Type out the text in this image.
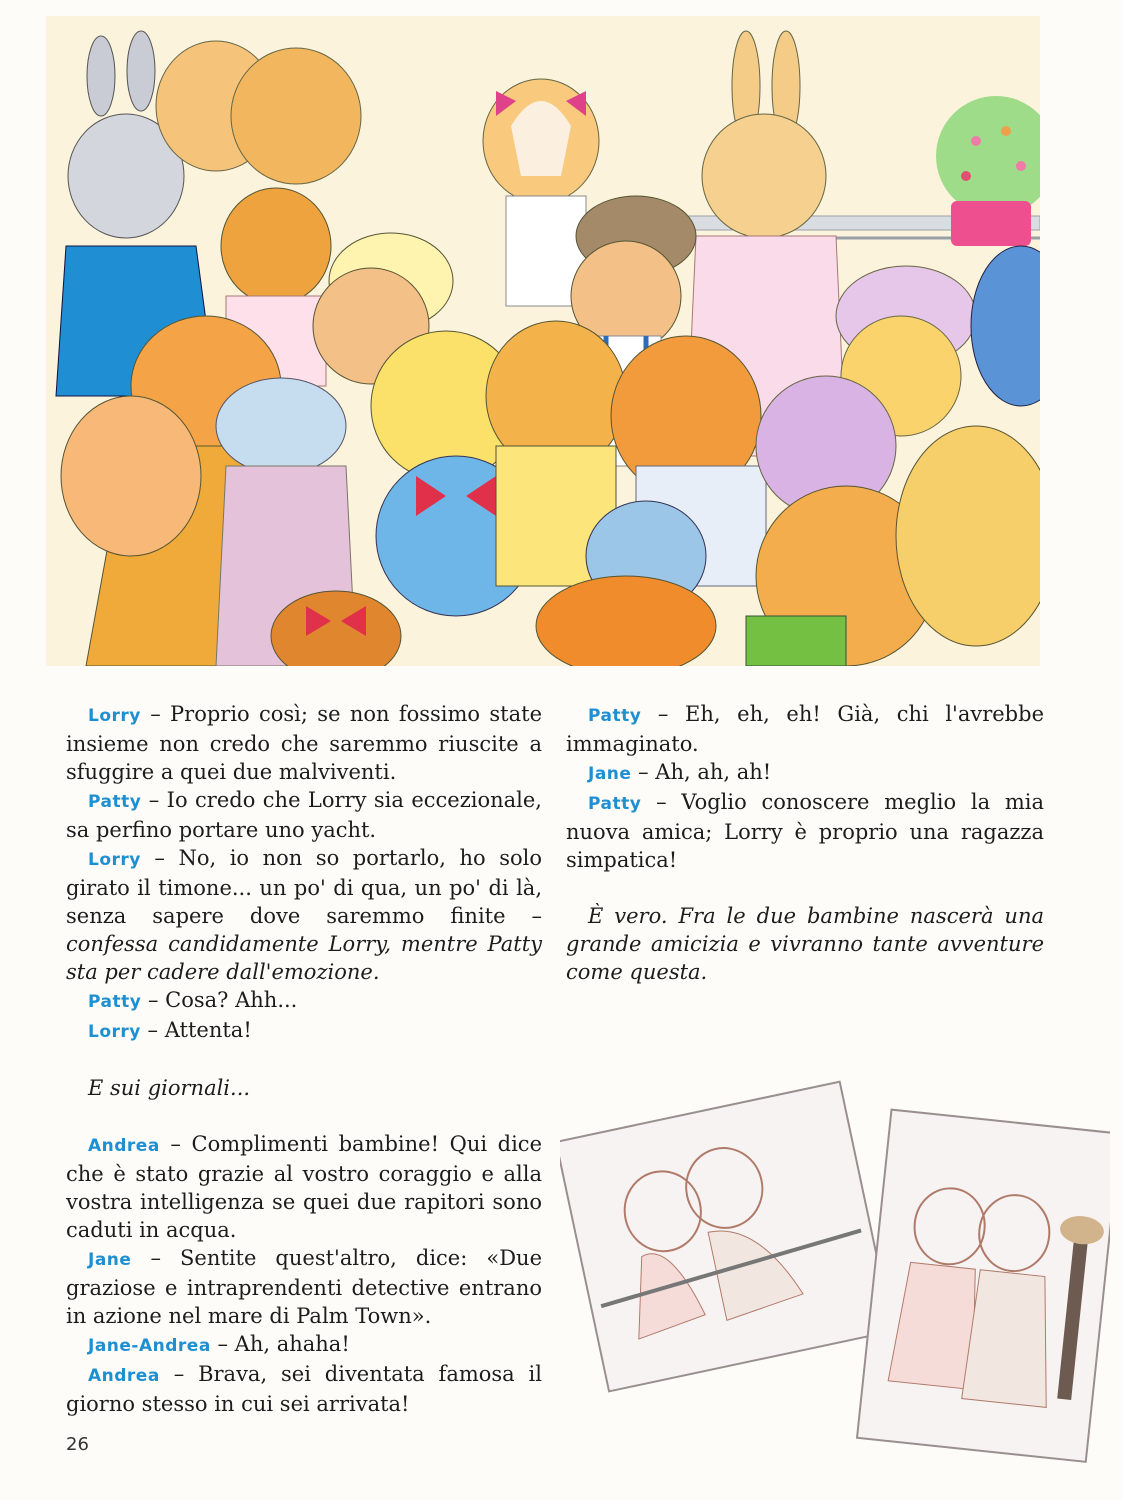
Lorry – Proprio così; se non fossimo state insieme non credo che saremmo riuscite a sfuggire a quei due malviventi.

Patty – Io credo che Lorry sia eccezionale, sa perfino portare uno yacht.

Lorry – No, io non so portarlo, ho solo girato il timone... un po' di qua, un po' di là, senza sapere dove saremmo finite – confessa candidamente Lorry, mentre Patty sta per cadere dall'emozione.

Patty – Cosa? Ahh...

Lorry – Attenta!

E sui giornali...

Andrea – Complimenti bambine! Qui dice che è stato grazie al vostro coraggio e alla vostra intelligenza se quei due rapitori sono caduti in acqua.

Jane – Sentite quest'altro, dice: «Due graziose e intraprendenti detective entrano in azione nel mare di Palm Town».

Jane-Andrea – Ah, ahaha!

Andrea – Brava, sei diventata famosa il giorno stesso in cui sei arrivata!

Patty – Eh, eh, eh! Già, chi l'avrebbe immaginato.

Jane – Ah, ah, ah!

Patty – Voglio conoscere meglio la mia nuova amica; Lorry è proprio una ragazza simpatica!

È vero. Fra le due bambine nascerà una grande amicizia e vivranno tante avventure come questa.

26
